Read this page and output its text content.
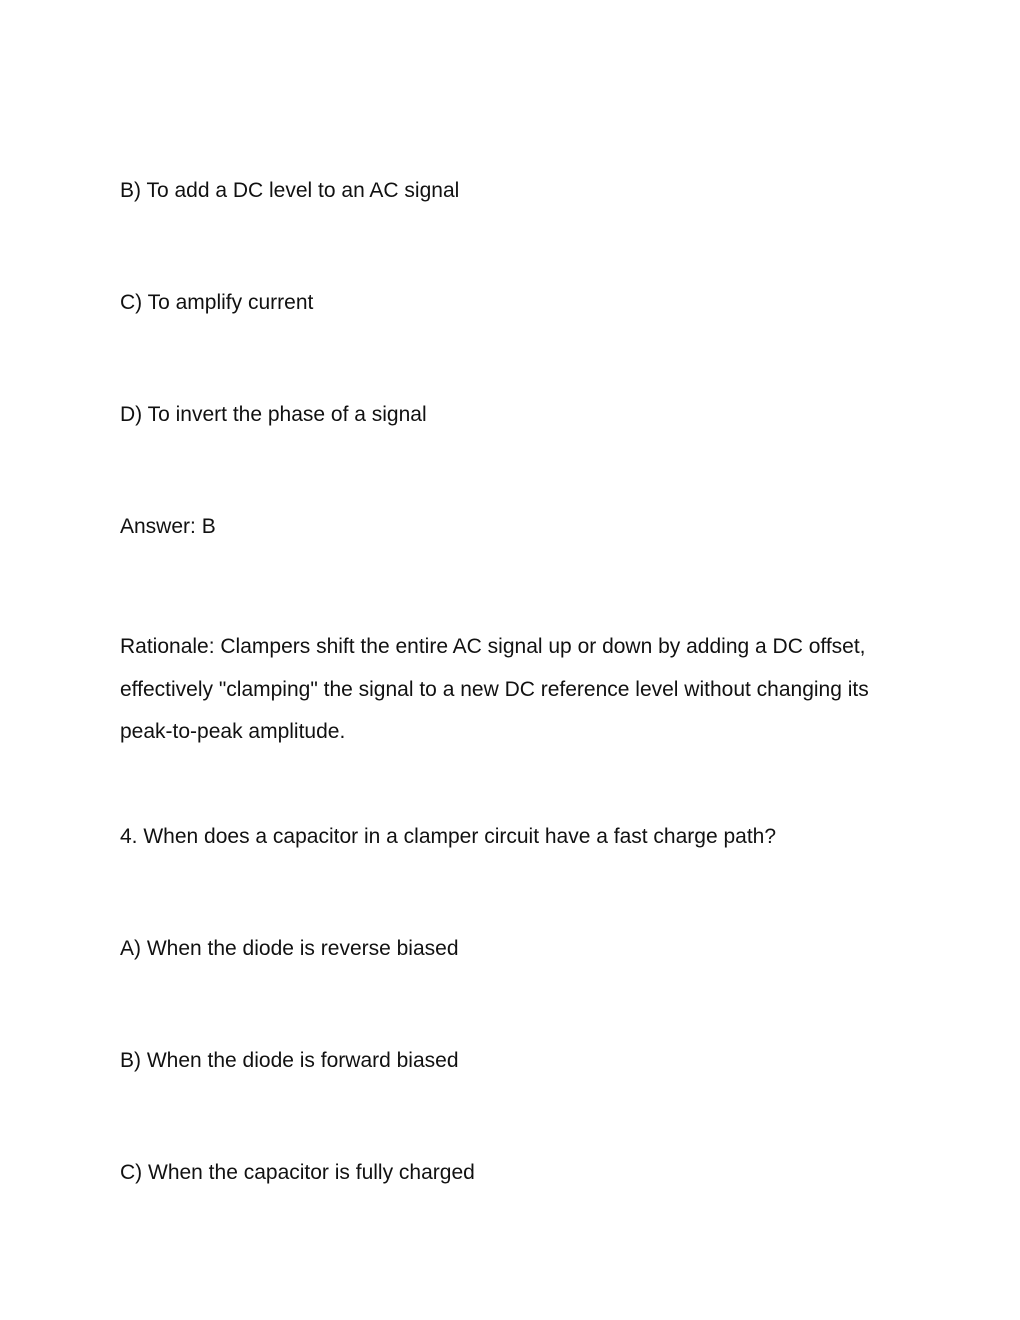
B) To add a DC level to an AC signal

C) To amplify current

D) To invert the phase of a signal

Answer: B

Rationale: Clampers shift the entire AC signal up or down by adding a DC offset,
effectively "clamping" the signal to a new DC reference level without changing its
peak-to-peak amplitude.

4. When does a capacitor in a clamper circuit have a fast charge path?

A) When the diode is reverse biased

B) When the diode is forward biased

C) When the capacitor is fully charged
